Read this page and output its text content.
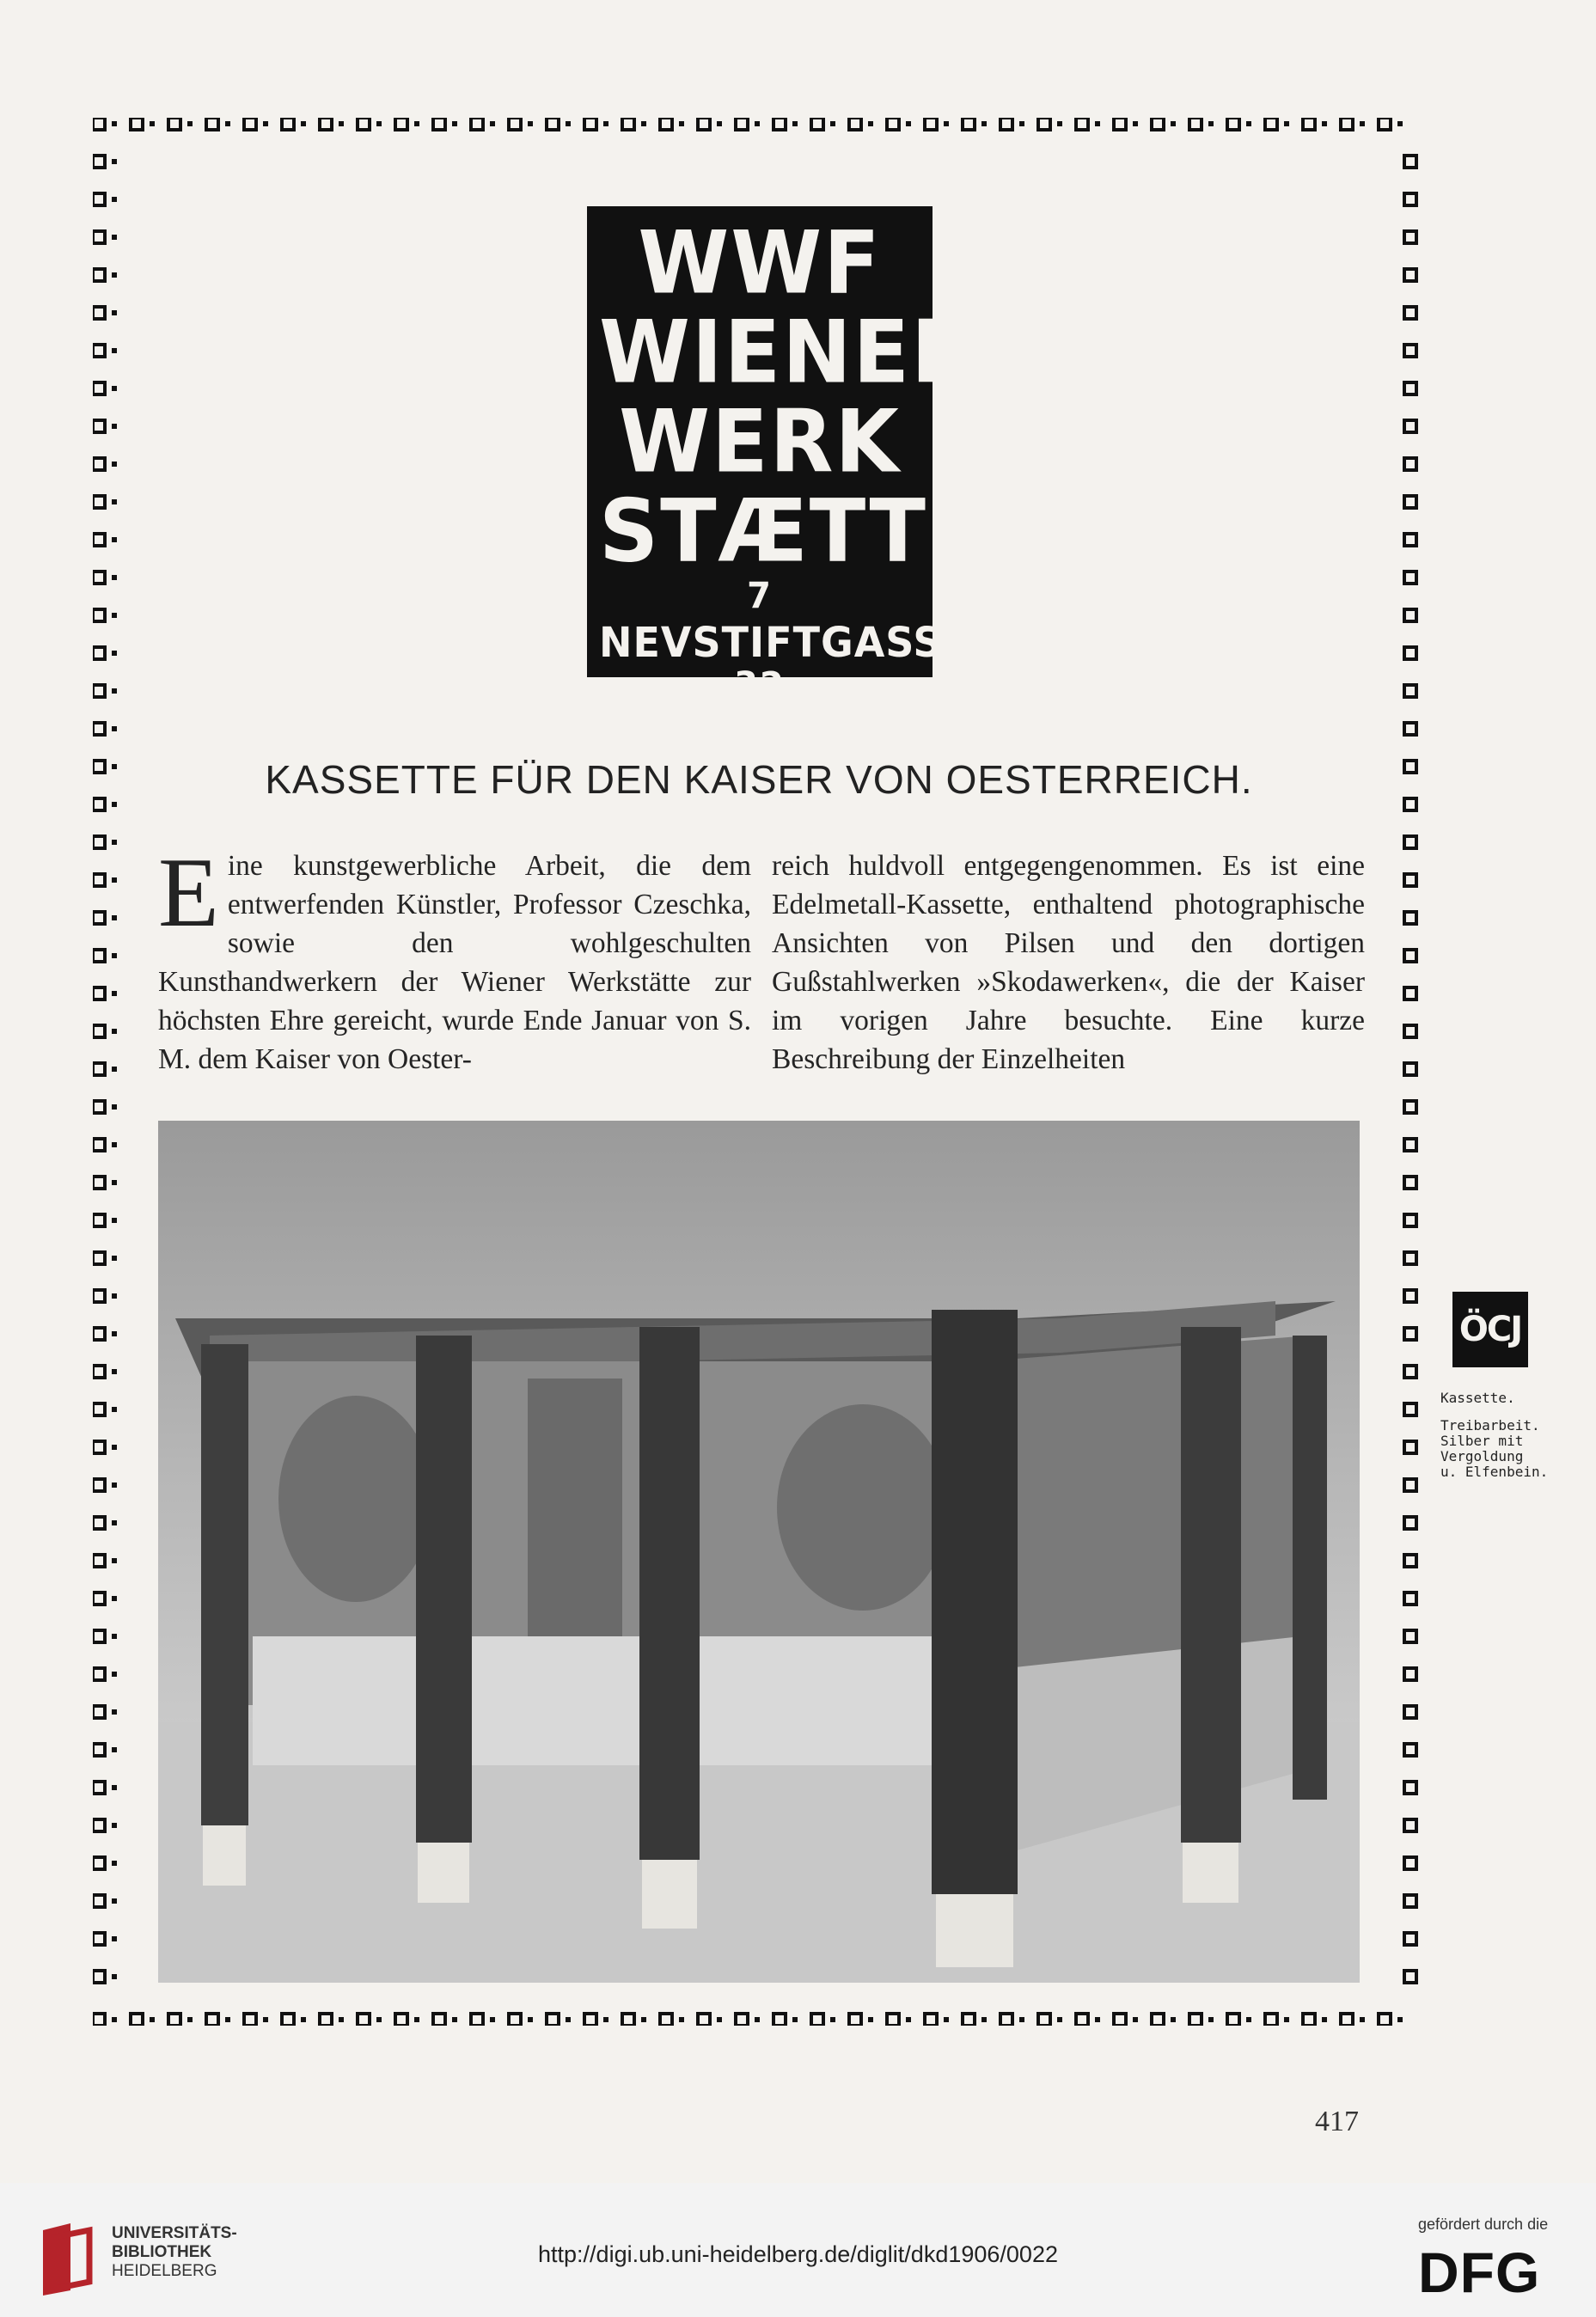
WWF
WIENER
WERK
STÆTTE
7
NEVSTIFTGASSE
32
KASSETTE FÜR DEN KAISER VON OESTERREICH.
E ine kunstgewerbliche Arbeit, die dem entwerfenden Künstler, Professor Czeschka, sowie den wohlgeschulten Kunsthandwerkern der Wiener Werkstätte zur höchsten Ehre gereicht, wurde Ende Januar von S. M. dem Kaiser von Oester-
reich huldvoll entgegengenommen. Es ist eine Edelmetall-Kassette, enthaltend photographische Ansichten von Pilsen und den dortigen Gußstahlwerken »Skodawerken«, die der Kaiser im vorigen Jahre besuchte. Eine kurze Beschreibung der Einzelheiten
ÖCJ
Kassette.
Treibarbeit.
Silber mit
Vergoldung
u. Elfenbein.
417
UNIVERSITÄTS-
BIBLIOTHEK
HEIDELBERG
http://digi.ub.uni-heidelberg.de/diglit/dkd1906/0022
gefördert durch die
DFG
